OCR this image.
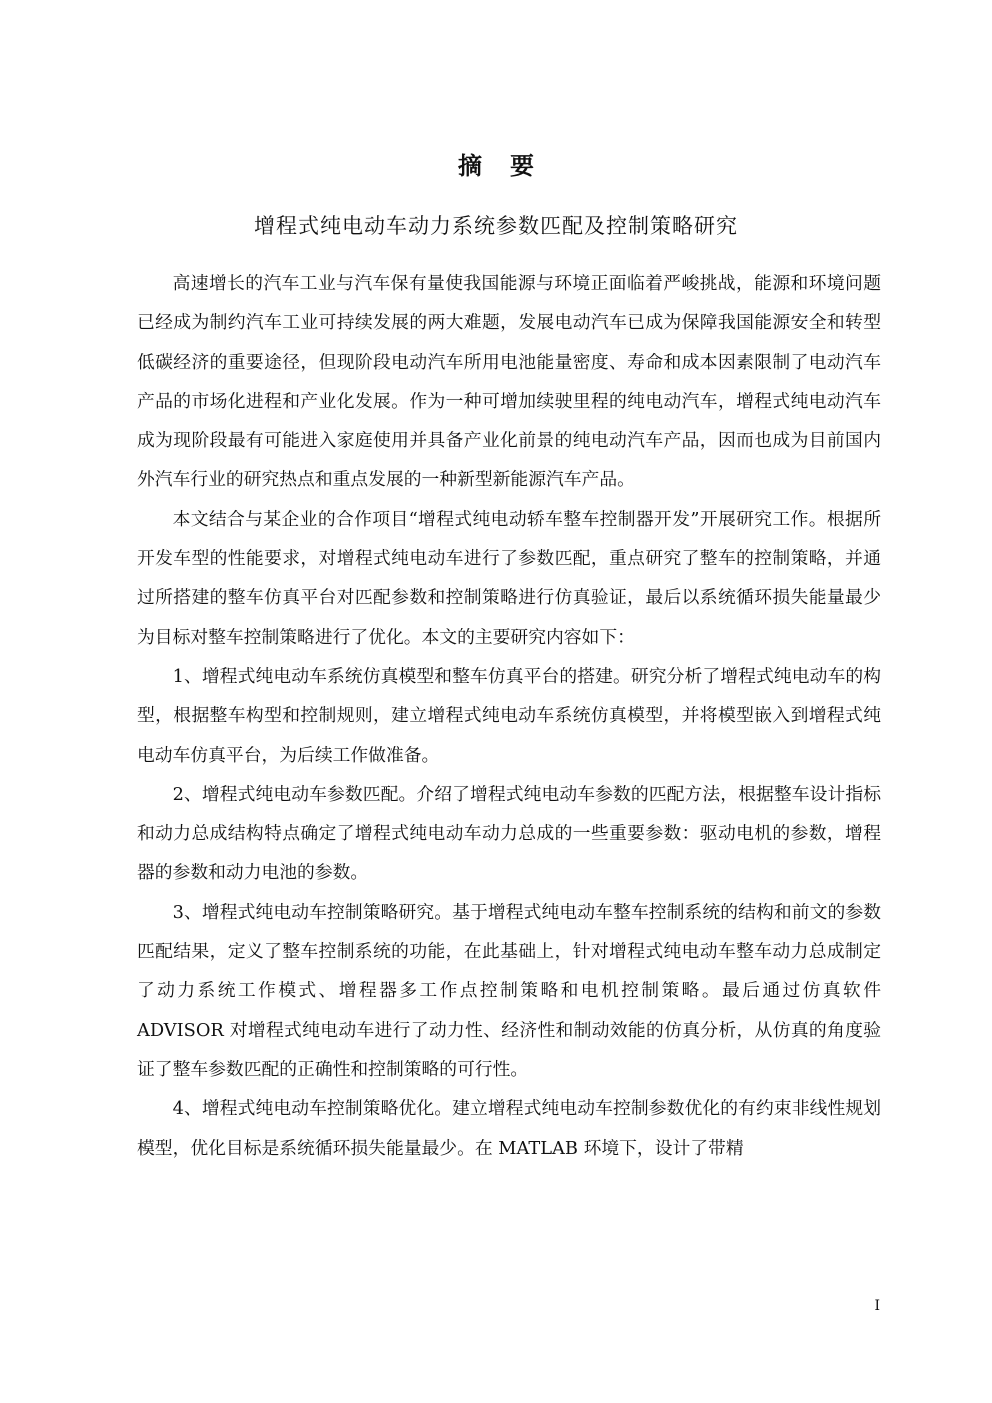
摘 要
增程式纯电动车动力系统参数匹配及控制策略研究

高速增长的汽车工业与汽车保有量使我国能源与环境正面临着严峻挑战，能源和环境问题已经成为制约汽车工业可持续发展的两大难题，发展电动汽车已成为保障我国能源安全和转型低碳经济的重要途径，但现阶段电动汽车所用电池能量密度、寿命和成本因素限制了电动汽车产品的市场化进程和产业化发展。作为一种可增加续驶里程的纯电动汽车，增程式纯电动汽车成为现阶段最有可能进入家庭使用并具备产业化前景的纯电动汽车产品，因而也成为目前国内外汽车行业的研究热点和重点发展的一种新型新能源汽车产品。

本文结合与某企业的合作项目“增程式纯电动轿车整车控制器开发”开展研究工作。根据所开发车型的性能要求，对增程式纯电动车进行了参数匹配，重点研究了整车的控制策略，并通过所搭建的整车仿真平台对匹配参数和控制策略进行仿真验证，最后以系统循环损失能量最少为目标对整车控制策略进行了优化。本文的主要研究内容如下：

1、增程式纯电动车系统仿真模型和整车仿真平台的搭建。研究分析了增程式纯电动车的构型，根据整车构型和控制规则，建立增程式纯电动车系统仿真模型，并将模型嵌入到增程式纯电动车仿真平台，为后续工作做准备。

2、增程式纯电动车参数匹配。介绍了增程式纯电动车参数的匹配方法，根据整车设计指标和动力总成结构特点确定了增程式纯电动车动力总成的一些重要参数：驱动电机的参数，增程器的参数和动力电池的参数。

3、增程式纯电动车控制策略研究。基于增程式纯电动车整车控制系统的结构和前文的参数匹配结果，定义了整车控制系统的功能，在此基础上，针对增程式纯电动车整车动力总成制定了动力系统工作模式、增程器多工作点控制策略和电机控制策略。最后通过仿真软件 ADVISOR 对增程式纯电动车进行了动力性、经济性和制动效能的仿真分析，从仿真的角度验证了整车参数匹配的正确性和控制策略的可行性。

4、增程式纯电动车控制策略优化。建立增程式纯电动车控制参数优化的有约束非线性规划模型，优化目标是系统循环损失能量最少。在 MATLAB 环境下，设计了带精

I
